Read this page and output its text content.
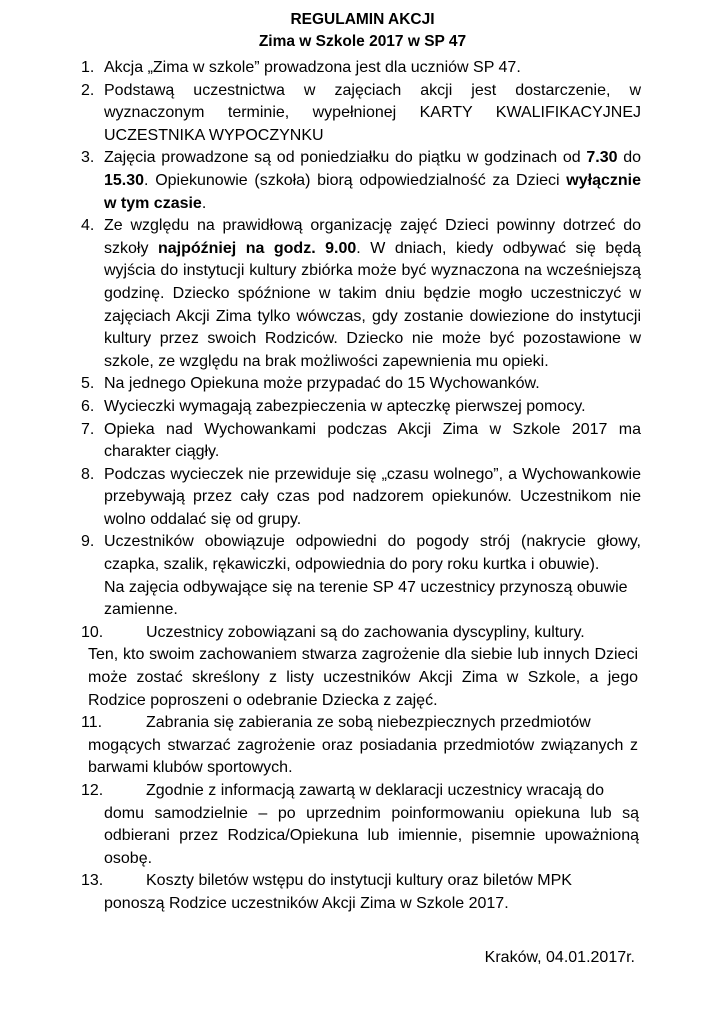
REGULAMIN AKCJI
Zima w Szkole 2017 w SP 47
1. Akcja „Zima w szkole” prowadzona jest dla uczniów SP 47.
2. Podstawą uczestnictwa w zajęciach akcji jest dostarczenie, w wyznaczonym terminie, wypełnionej KARTY KWALIFIKACYJNEJ UCZESTNIKA WYPOCZYNKU
3. Zajęcia prowadzone są od poniedziałku do piątku w godzinach od 7.30 do 15.30. Opiekunowie (szkoła) biorą odpowiedzialność za Dzieci wyłącznie w tym czasie.
4. Ze względu na prawidłową organizację zajęć Dzieci powinny dotrzeć do szkoły najpóźniej na godz. 9.00. W dniach, kiedy odbywać się będą wyjścia do instytucji kultury zbiórka może być wyznaczona na wcześniejszą godzinę. Dziecko spóźnione w takim dniu będzie mogło uczestniczyć w zajęciach Akcji Zima tylko wówczas, gdy zostanie dowiezione do instytucji kultury przez swoich Rodziców. Dziecko nie może być pozostawione w szkole, ze względu na brak możliwości zapewnienia mu opieki.
5. Na jednego Opiekuna może przypadać do 15 Wychowanków.
6. Wycieczki wymagają zabezpieczenia w apteczkę pierwszej pomocy.
7. Opieka nad Wychowankami podczas Akcji Zima w Szkole 2017 ma charakter ciągły.
8. Podczas wycieczek nie przewiduje się „czasu wolnego”, a Wychowankowie przebywają przez cały czas pod nadzorem opiekunów. Uczestnikom nie wolno oddalać się od grupy.
9. Uczestników obowiązuje odpowiedni do pogody strój (nakrycie głowy, czapka, szalik, rękawiczki, odpowiednia do pory roku kurtka i obuwie).
Na zajęcia odbywające się na terenie SP 47 uczestnicy przynoszą obuwie zamienne.
10.	Uczestnicy zobowiązani są do zachowania dyscypliny, kultury.
Ten, kto swoim zachowaniem stwarza zagrożenie dla siebie lub innych Dzieci może zostać skreślony z listy uczestników Akcji Zima w Szkole, a jego Rodzice poproszeni o odebranie Dziecka z zajęć.
11.	Zabrania się zabierania ze sobą niebezpiecznych przedmiotów
mogących stwarzać zagrożenie oraz posiadania przedmiotów związanych z barwami klubów sportowych.
12.	Zgodnie z informacją zawartą w deklaracji uczestnicy wracają do
domu samodzielnie – po uprzednim poinformowaniu opiekuna lub są odbierani przez Rodzica/Opiekuna lub imiennie, pisemnie upoważnioną osobę.
13.	Koszty biletów wstępu do instytucji kultury oraz biletów MPK
ponoszą Rodzice uczestników Akcji Zima w Szkole 2017.
Kraków, 04.01.2017r.
